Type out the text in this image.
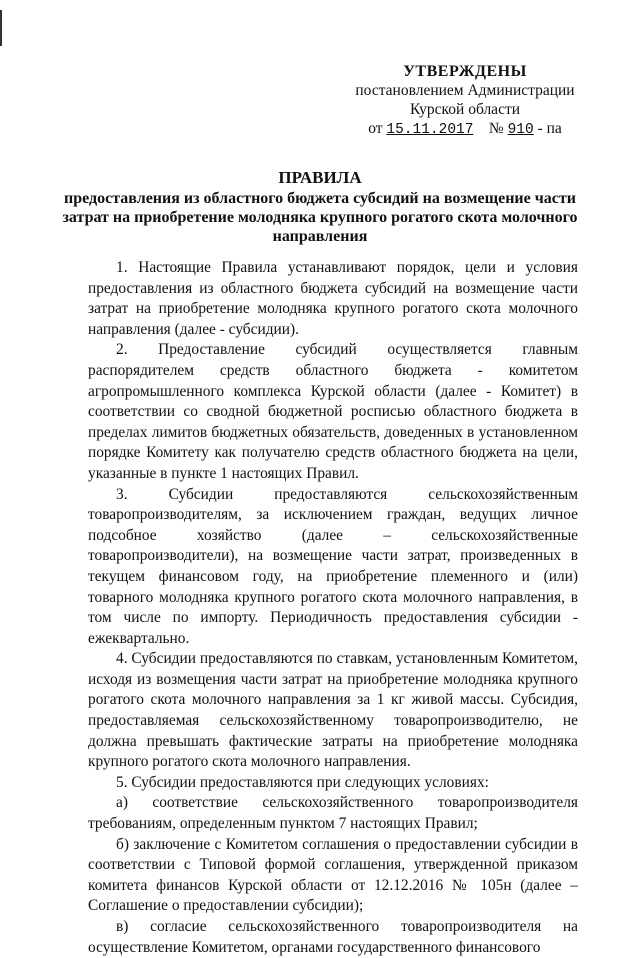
УТВЕРЖДЕНЫ
постановлением Администрации
Курской области
от 15.11.2017 № 910 - па
ПРАВИЛА
предоставления из областного бюджета субсидий на возмещение части затрат на приобретение молодняка крупного рогатого скота молочного направления

1. Настоящие Правила устанавливают порядок, цели и условия предоставления из областного бюджета субсидий на возмещение части затрат на приобретение молодняка крупного рогатого скота молочного направления (далее - субсидии).

2. Предоставление субсидий осуществляется главным распорядителем средств областного бюджета - комитетом агропромышленного комплекса Курской области (далее - Комитет) в соответствии со сводной бюджетной росписью областного бюджета в пределах лимитов бюджетных обязательств, доведенных в установленном порядке Комитету как получателю средств областного бюджета на цели, указанные в пункте 1 настоящих Правил.

3. Субсидии предоставляются сельскохозяйственным товаропроизводителям, за исключением граждан, ведущих личное подсобное хозяйство (далее – сельскохозяйственные товаропроизводители), на возмещение части затрат, произведенных в текущем финансовом году, на приобретение племенного и (или) товарного молодняка крупного рогатого скота молочного направления, в том числе по импорту. Периодичность предоставления субсидии - ежеквартально.

4. Субсидии предоставляются по ставкам, установленным Комитетом, исходя из возмещения части затрат на приобретение молодняка крупного рогатого скота молочного направления за 1 кг живой массы. Субсидия, предоставляемая сельскохозяйственному товаропроизводителю, не должна превышать фактические затраты на приобретение молодняка крупного рогатого скота молочного направления.

5. Субсидии предоставляются при следующих условиях:

а) соответствие сельскохозяйственного товаропроизводителя требованиям, определенным пунктом 7 настоящих Правил;

б) заключение с Комитетом соглашения о предоставлении субсидии в соответствии с Типовой формой соглашения, утвержденной приказом комитета финансов Курской области от 12.12.2016 № 105н (далее – Соглашение о предоставлении субсидии);

в) согласие сельскохозяйственного товаропроизводителя на осуществление Комитетом, органами государственного финансового
